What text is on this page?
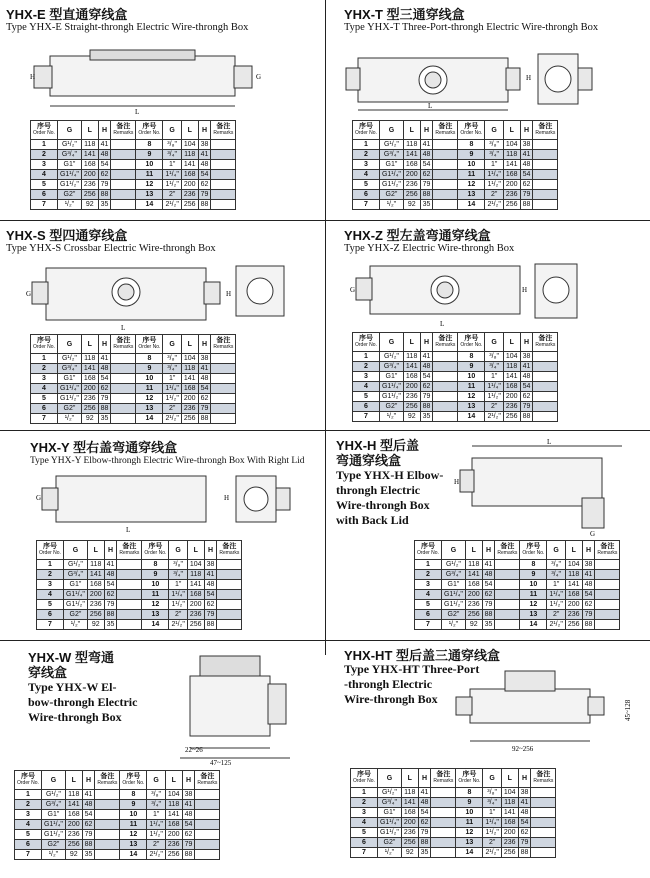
YHX-E 型直通穿线盒
Type YHX-E Straight-throngh Electric Wire-throngh Box
L
H	G
YHX-T 型三通穿线盒
Type YHX-T Three-Port-throngh Electric Wire-throngh Box
L
H
YHX-S 型四通穿线盒
Type YHX-S Crossbar Electric Wire-throngh Box
L
G	H
YHX-Z 型左盖弯通穿线盒
Type YHX-Z Electric Wire-throngh Box
L
G	H
YHX-Y 型右盖弯通穿线盒
Type YHX-Y Elbow-throngh Electric Wire-throngh Box With Right Lid
L
G	H
YHX-H 型后盖
弯通穿线盒
Type YHX-H Elbow-
throngh Electric
Wire-throngh Box
with Back Lid
L
H
G
YHX-W 型弯通
穿线盒
Type YHX-W El-
bow-throngh Electric
Wire-throngh Box
22~26
47~125
YHX-HT 型后盖三通穿线盒
Type YHX-HT Three-Port
-throngh Electric
Wire-throngh Box
92~256
45~128
序号
Order No.	G	L	H	备注
Remarks	序号
Order No.	G	L	H	备注
Remarks

1	G¹/₂"	118	41		8	³/₈"	104	38	
2	G³/₄"	141	48		9	³/₄"	118	41	
3	G1"	168	54		10	1"	141	48	
4	G1¹/₄"	200	62		11	1¹/₄"	168	54	
5	G1¹/₂"	236	79		12	1¹/₂"	200	62	
6	G2"	256	88		13	2"	236	79	
7	¹/₂"	92	35		14	2¹/₂"	256	88	
序号
Order No.	G	L	H	备注
Remarks	序号
Order No.	G	L	H	备注
Remarks

1	G¹/₂"	118	41		8	³/₈"	104	38	
2	G³/₄"	141	48		9	³/₄"	118	41	
3	G1"	168	54		10	1"	141	48	
4	G1¹/₄"	200	62		11	1¹/₄"	168	54	
5	G1¹/₂"	236	79		12	1¹/₂"	200	62	
6	G2"	256	88		13	2"	236	79	
7	¹/₂"	92	35		14	2¹/₂"	256	88	
序号
Order No.	G	L	H	备注
Remarks	序号
Order No.	G	L	H	备注
Remarks

1	G¹/₂"	118	41		8	³/₈"	104	38	
2	G³/₄"	141	48		9	³/₄"	118	41	
3	G1"	168	54		10	1"	141	48	
4	G1¹/₄"	200	62		11	1¹/₄"	168	54	
5	G1¹/₂"	236	79		12	1¹/₂"	200	62	
6	G2"	256	88		13	2"	236	79	
7	¹/₂"	92	35		14	2¹/₂"	256	88	
序号
Order No.	G	L	H	备注
Remarks	序号
Order No.	G	L	H	备注
Remarks

1	G¹/₂"	118	41		8	³/₈"	104	38	
2	G³/₄"	141	48		9	³/₄"	118	41	
3	G1"	168	54		10	1"	141	48	
4	G1¹/₄"	200	62		11	1¹/₄"	168	54	
5	G1¹/₂"	236	79		12	1¹/₂"	200	62	
6	G2"	256	88		13	2"	236	79	
7	¹/₂"	92	35		14	2¹/₂"	256	88	
序号
Order No.	G	L	H	备注
Remarks	序号
Order No.	G	L	H	备注
Remarks

1	G¹/₂"	118	41		8	³/₈"	104	38	
2	G³/₄"	141	48		9	³/₄"	118	41	
3	G1"	168	54		10	1"	141	48	
4	G1¹/₄"	200	62		11	1¹/₄"	168	54	
5	G1¹/₂"	236	79		12	1¹/₂"	200	62	
6	G2"	256	88		13	2"	236	79	
7	¹/₂"	92	35		14	2¹/₂"	256	88	
序号
Order No.	G	L	H	备注
Remarks	序号
Order No.	G	L	H	备注
Remarks

1	G¹/₂"	118	41		8	³/₈"	104	38	
2	G³/₄"	141	48		9	³/₄"	118	41	
3	G1"	168	54		10	1"	141	48	
4	G1¹/₄"	200	62		11	1¹/₄"	168	54	
5	G1¹/₂"	236	79		12	1¹/₂"	200	62	
6	G2"	256	88		13	2"	236	79	
7	¹/₂"	92	35		14	2¹/₂"	256	88	
序号
Order No.	G	L	H	备注
Remarks	序号
Order No.	G	L	H	备注
Remarks

1	G¹/₂"	118	41		8	³/₈"	104	38	
2	G³/₄"	141	48		9	³/₄"	118	41	
3	G1"	168	54		10	1"	141	48	
4	G1¹/₄"	200	62		11	1¹/₄"	168	54	
5	G1¹/₂"	236	79		12	1¹/₂"	200	62	
6	G2"	256	88		13	2"	236	79	
7	¹/₂"	92	35		14	2¹/₂"	256	88	
序号
Order No.	G	L	H	备注
Remarks	序号
Order No.	G	L	H	备注
Remarks

1	G¹/₂"	118	41		8	³/₈"	104	38	
2	G³/₄"	141	48		9	³/₄"	118	41	
3	G1"	168	54		10	1"	141	48	
4	G1¹/₄"	200	62		11	1¹/₄"	168	54	
5	G1¹/₂"	236	79		12	1¹/₂"	200	62	
6	G2"	256	88		13	2"	236	79	
7	¹/₂"	92	35		14	2¹/₂"	256	88	
